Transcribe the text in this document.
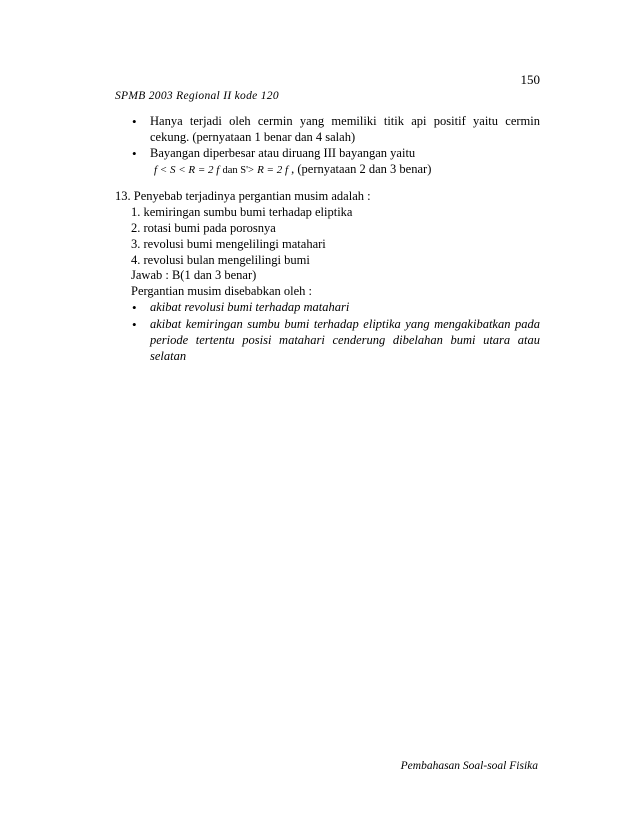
150
SPMB 2003 Regional II kode 120
• Hanya terjadi oleh cermin yang memiliki titik api positif yaitu cermin
cekung. (pernyataan 1 benar dan 4 salah)
• Bayangan diperbesar atau diruang III bayangan yaitu
f < S < R = 2 f dan S'> R = 2 f , (pernyataan 2 dan 3 benar)
13. Penyebab terjadinya pergantian musim adalah :
1. kemiringan sumbu bumi terhadap eliptika
2. rotasi bumi pada porosnya
3. revolusi bumi mengelilingi matahari
4. revolusi bulan mengelilingi bumi
Jawab : B(1 dan 3 benar)
Pergantian musim disebabkan oleh :
• akibat revolusi bumi terhadap matahari
• akibat kemiringan sumbu bumi terhadap eliptika yang mengakibatkan pada
periode tertentu posisi matahari cenderung dibelahan bumi utara atau
selatan
Pembahasan Soal-soal Fisika
